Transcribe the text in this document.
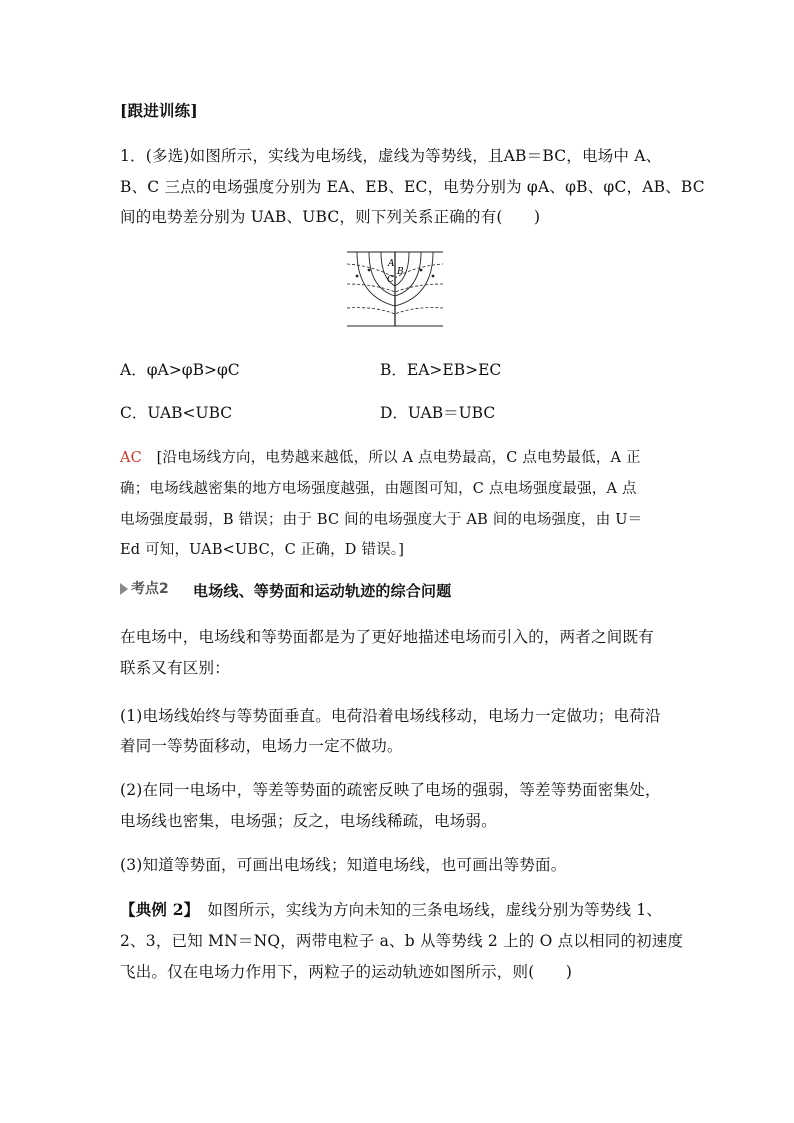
[跟进训练]
1．(多选)如图所示，实线为电场线，虚线为等势线，且AB＝BC，电场中 A、
B、C 三点的电场强度分别为 EA、EB、EC，电势分别为 φA、φB、φC，AB、BC
间的电势差分别为 UAB、UBC，则下列关系正确的有(　　)
A
B
C
A．φA>φB>φC	B．EA>EB>EC
C．UAB<UBC	D．UAB＝UBC
AC　 [沿电场线方向，电势越来越低，所以 A 点电势最高，C 点电势最低，A 正
确；电场线越密集的地方电场强度越强，由题图可知，C 点电场强度最强，A 点
电场强度最弱，B 错误；由于 BC 间的电场强度大于 AB 间的电场强度，由 U＝
Ed 可知，UAB<UBC，C 正确，D 错误。]
考点2	电场线、等势面和运动轨迹的综合问题
在电场中，电场线和等势面都是为了更好地描述电场而引入的，两者之间既有
联系又有区别：
(1)电场线始终与等势面垂直。电荷沿着电场线移动，电场力一定做功；电荷沿
着同一等势面移动，电场力一定不做功。
(2)在同一电场中，等差等势面的疏密反映了电场的强弱，等差等势面密集处，
电场线也密集，电场强；反之，电场线稀疏，电场弱。
(3)知道等势面，可画出电场线；知道电场线，也可画出等势面。
【典例 2】　 如图所示，实线为方向未知的三条电场线，虚线分别为等势线 1、
2、3，已知 MN＝NQ，两带电粒子 a、b 从等势线 2 上的 O 点以相同的初速度
飞出。仅在电场力作用下，两粒子的运动轨迹如图所示，则(　　)
